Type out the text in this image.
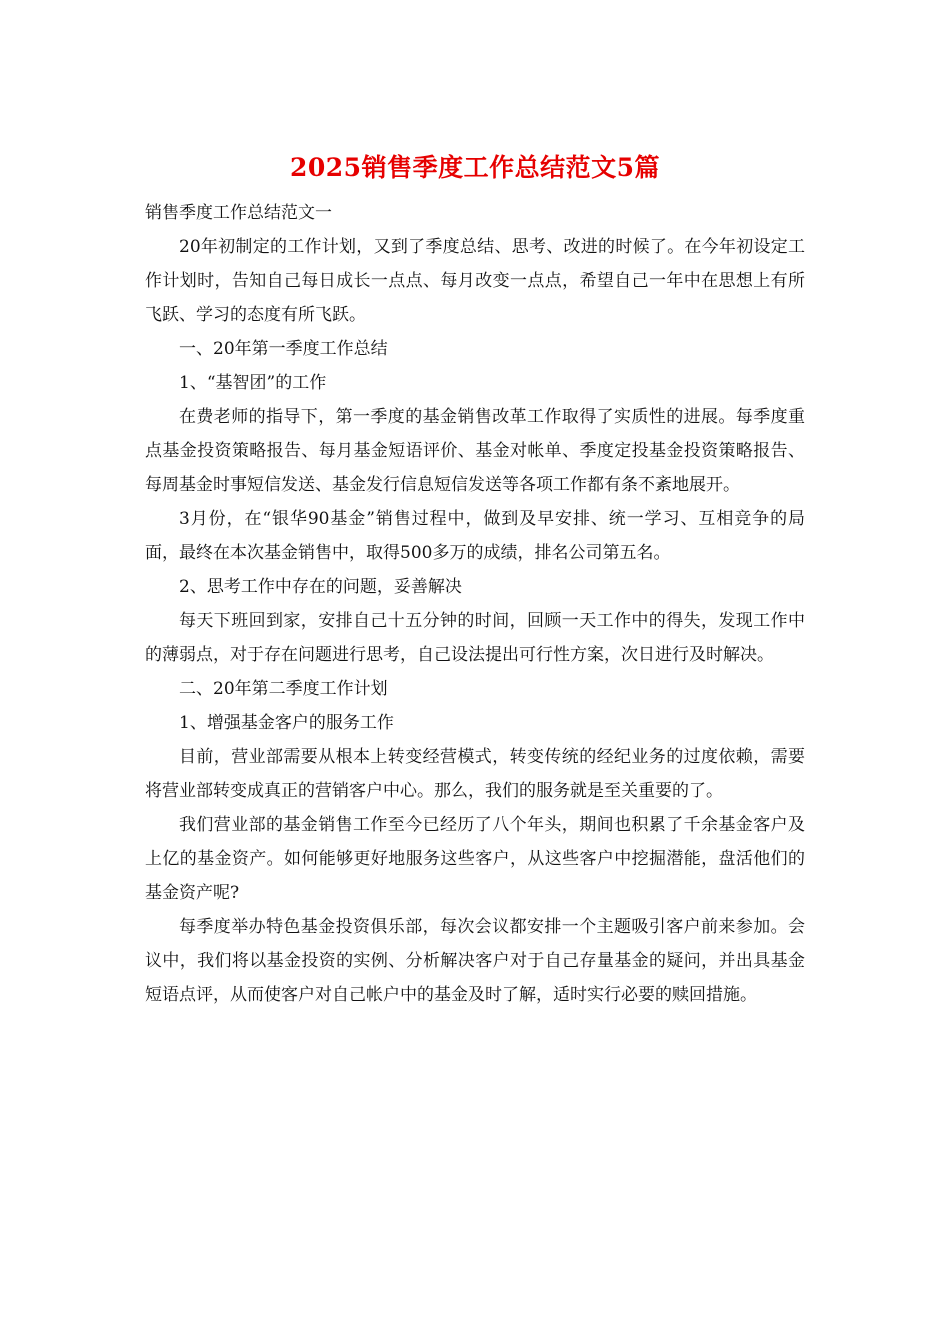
2025销售季度工作总结范文5篇

销售季度工作总结范文一

20年初制定的工作计划，又到了季度总结、思考、改进的时候了。在今年初设定工作计划时，告知自己每日成长一点点、每月改变一点点，希望自己一年中在思想上有所飞跃、学习的态度有所飞跃。

一、20年第一季度工作总结

1、“基智团”的工作

在费老师的指导下，第一季度的基金销售改革工作取得了实质性的进展。每季度重点基金投资策略报告、每月基金短语评价、基金对帐单、季度定投基金投资策略报告、每周基金时事短信发送、基金发行信息短信发送等各项工作都有条不紊地展开。

3月份，在“银华90基金”销售过程中，做到及早安排、统一学习、互相竞争的局面，最终在本次基金销售中，取得500多万的成绩，排名公司第五名。

2、思考工作中存在的问题，妥善解决

每天下班回到家，安排自己十五分钟的时间，回顾一天工作中的得失，发现工作中的薄弱点，对于存在问题进行思考，自己设法提出可行性方案，次日进行及时解决。

二、20年第二季度工作计划

1、增强基金客户的服务工作

目前，营业部需要从根本上转变经营模式，转变传统的经纪业务的过度依赖，需要将营业部转变成真正的营销客户中心。那么，我们的服务就是至关重要的了。

我们营业部的基金销售工作至今已经历了八个年头，期间也积累了千余基金客户及上亿的基金资产。如何能够更好地服务这些客户，从这些客户中挖掘潜能，盘活他们的基金资产呢?

每季度举办特色基金投资俱乐部，每次会议都安排一个主题吸引客户前来参加。会议中，我们将以基金投资的实例、分析解决客户对于自己存量基金的疑问，并出具基金短语点评，从而使客户对自己帐户中的基金及时了解，适时实行必要的赎回措施。
